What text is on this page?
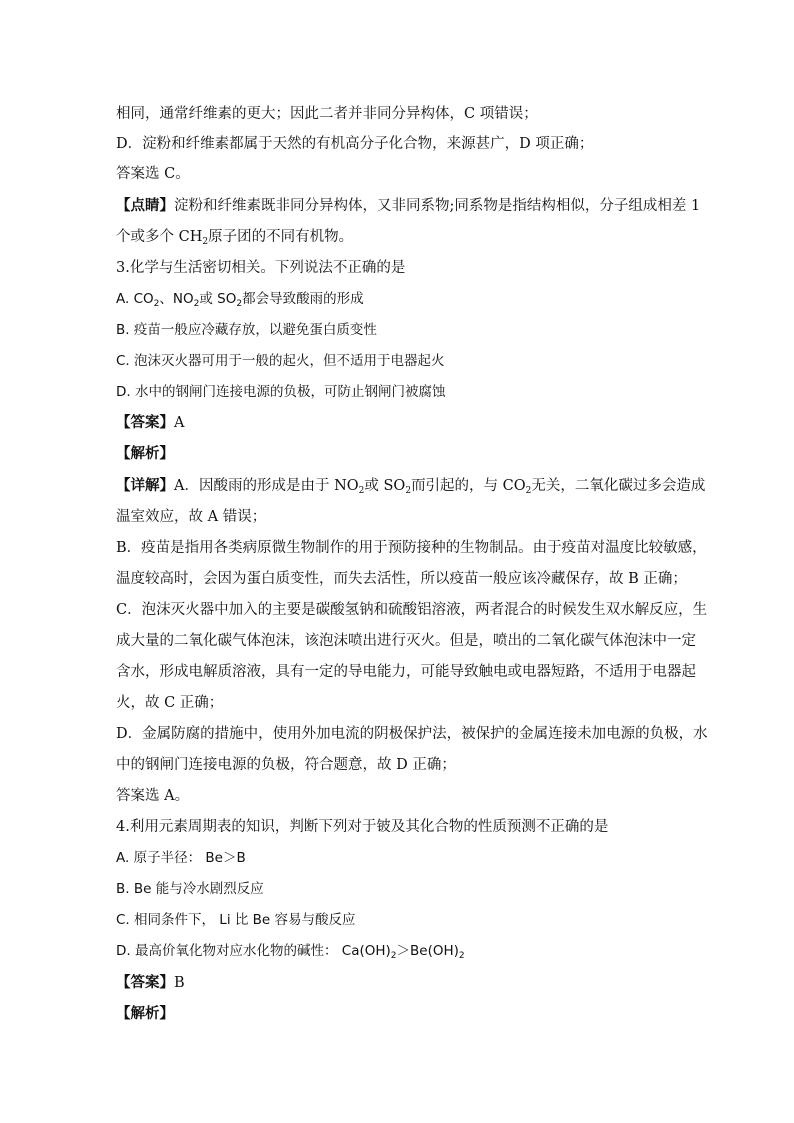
相同，通常纤维素的更大；因此二者并非同分异构体，C 项错误；
D．淀粉和纤维素都属于天然的有机高分子化合物，来源甚广，D 项正确；
答案选 C。
【点睛】淀粉和纤维素既非同分异构体，又非同系物;同系物是指结构相似，分子组成相差 1
个或多个 $CH_2$原子团的不同有机物。
3.化学与生活密切相关。下列说法不正确的是
A. $CO_2$、$NO_2$或 $SO_2$都会导致酸雨的形成
B. 疫苗一般应冷藏存放，以避免蛋白质变性
C. 泡沫灭火器可用于一般的起火，但不适用于电器起火
D. 水中的钢闸门连接电源的负极，可防止钢闸门被腐蚀
【答案】A
【解析】
【详解】A．因酸雨的形成是由于 $NO_2$或 $SO_2$而引起的，与 $CO_2$无关，二氧化碳过多会造成
温室效应，故 A 错误；
B．疫苗是指用各类病原微生物制作的用于预防接种的生物制品。由于疫苗对温度比较敏感，
温度较高时，会因为蛋白质变性，而失去活性，所以疫苗一般应该冷藏保存，故 B 正确；
C．泡沫灭火器中加入的主要是碳酸氢钠和硫酸铝溶液，两者混合的时候发生双水解反应，生
成大量的二氧化碳气体泡沫，该泡沫喷出进行灭火。但是，喷出的二氧化碳气体泡沫中一定
含水，形成电解质溶液，具有一定的导电能力，可能导致触电或电器短路，不适用于电器起
火，故 C 正确；
D．金属防腐的措施中，使用外加电流的阴极保护法，被保护的金属连接未加电源的负极，水
中的钢闸门连接电源的负极，符合题意，故 D 正确；
答案选 A。
4.利用元素周期表的知识，判断下列对于铍及其化合物的性质预测不正确的是
A. 原子半径： Be＞B
B. Be 能与冷水剧烈反应
C. 相同条件下， Li 比 Be 容易与酸反应
D. 最高价氧化物对应水化物的碱性： $Ca(OH)_2>Be(OH)_2$
【答案】B
【解析】
